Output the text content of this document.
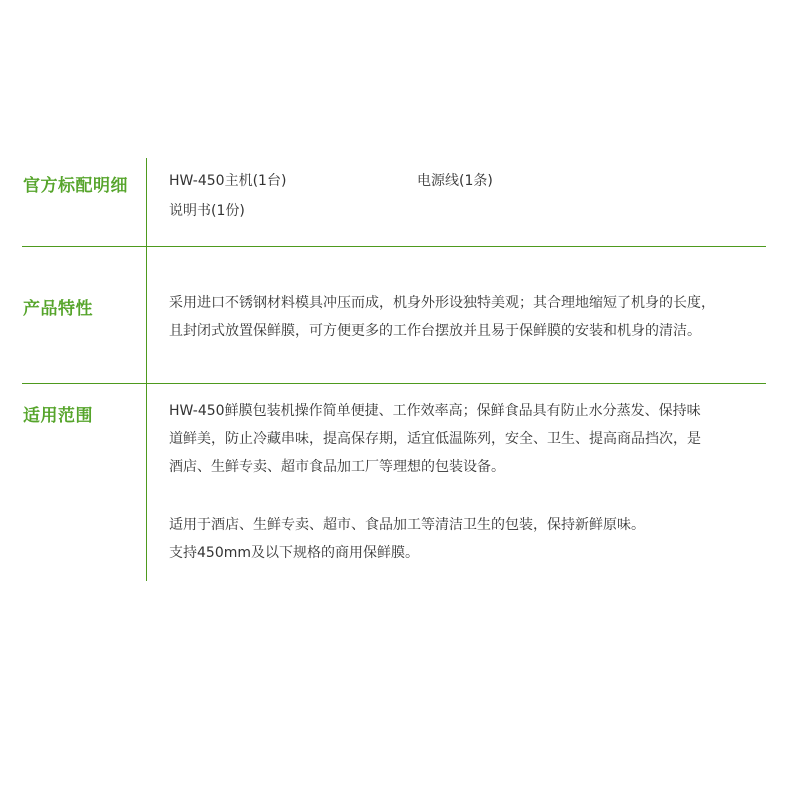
官方标配明细	HW-450主机(1台)	电源线(1条)
说明书(1份)
产品特性	采用进口不锈钢材料模具冲压而成，机身外形设独特美观；其合理地缩短了机身的长度，
且封闭式放置保鲜膜，可方便更多的工作台摆放并且易于保鲜膜的安装和机身的清洁。
适用范围	HW-450鲜膜包装机操作简单便捷、工作效率高；保鲜食品具有防止水分蒸发、保持味
道鲜美，防止冷藏串味，提高保存期，适宜低温陈列，安全、卫生、提高商品挡次，是
酒店、生鲜专卖、超市食品加工厂等理想的包装设备。
适用于酒店、生鲜专卖、超市、食品加工等清洁卫生的包装，保持新鲜原味。
支持450mm及以下规格的商用保鲜膜。
